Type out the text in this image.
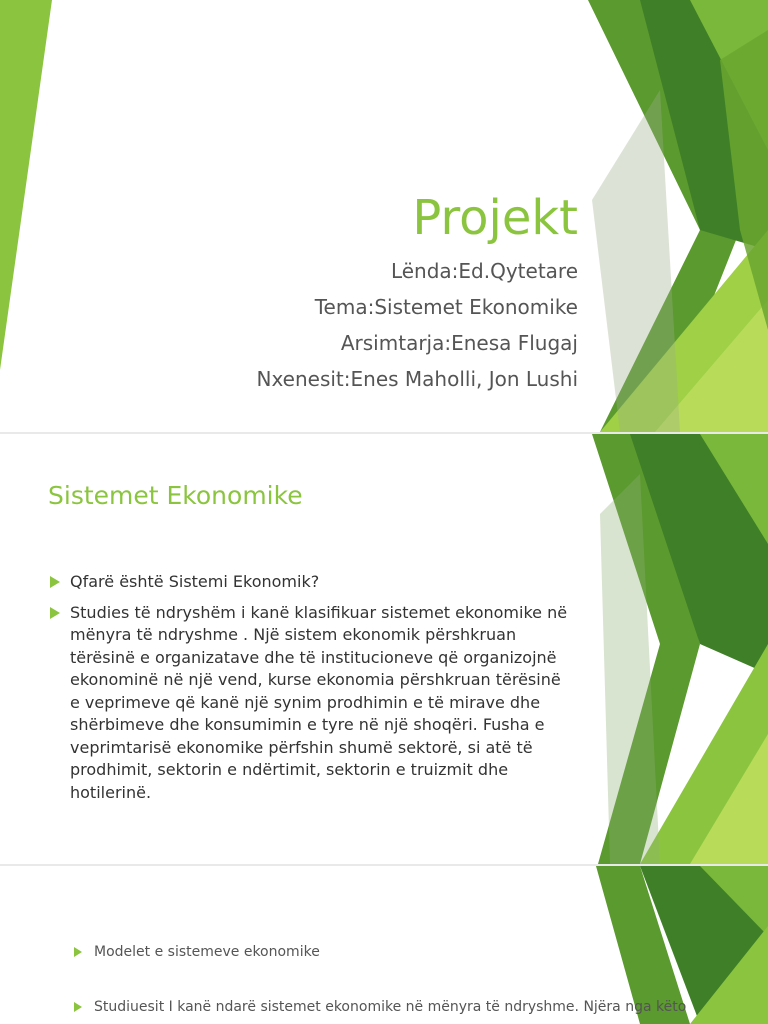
Projekt
Lënda:Ed.Qytetare
Tema:Sistemet Ekonomike
Arsimtarja:Enesa Flugaj
Nxenesit:Enes Maholli, Jon Lushi
Sistemet Ekonomike
Qfarë është Sistemi Ekonomik?
Studies të ndryshëm i kanë klasifikuar sistemet ekonomike në mënyra të ndryshme . Një sistem ekonomik përshkruan tërësinë e organizatave dhe të institucioneve që organizojnë ekonominë në një vend, kurse ekonomia përshkruan tërësinë e veprimeve që kanë një synim prodhimin e të mirave dhe shërbimeve dhe konsumimin e tyre në një shoqëri. Fusha e veprimtarisë ekonomike përfshin shumë sektorë, si atë të prodhimit, sektorin e ndërtimit, sektorin e truizmit dhe hotilerinë.
Modelet e sistemeve ekonomike
Studiuesit I kanë ndarë sistemet ekonomike në mënyra të ndryshme. Njëra nga këto
